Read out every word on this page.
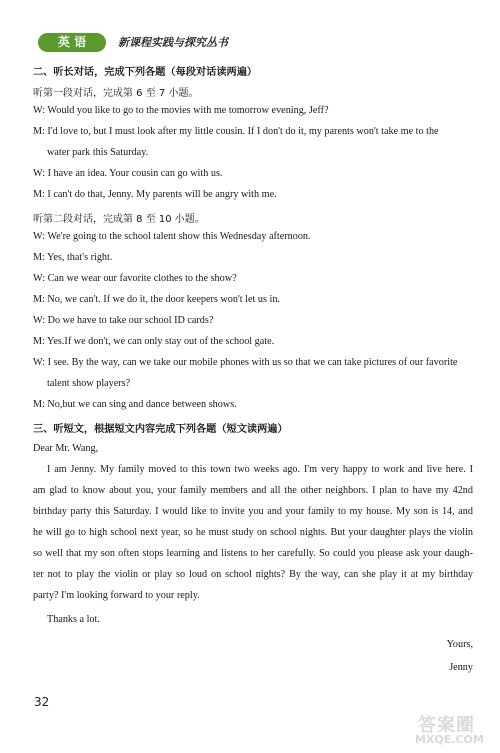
英 语	新课程实践与探究丛书
二、听长对话，完成下列各题（每段对话读两遍）
听第一段对话，完成第 6 至 7 小题。
W: Would you like to go to the movies with me tomorrow evening, Jeff?
M: I'd love to, but I must look after my little cousin. If I don't do it, my parents won't take me to the
water park this Saturday.
W: I have an idea. Your cousin can go with us.
M: I can't do that, Jenny. My parents will be angry with me.
听第二段对话，完成第 8 至 10 小题。
W: We're going to the school talent show this Wednesday afternoon.
M: Yes, that's right.
W: Can we wear our favorite clothes to the show?
M: No, we can't. If we do it, the door keepers won't let us in.
W: Do we have to take our school ID cards?
M: Yes.If we don't, we can only stay out of the school gate.
W: I see. By the way, can we take our mobile phones with us so that we can take pictures of our favorite
talent show players?
M: No,but we can sing and dance between shows.
三、听短文，根据短文内容完成下列各题（短文读两遍）
Dear Mr. Wang,
I am Jenny. My family moved to this town two weeks ago. I'm very happy to work and live here. I
am glad to know about you, your family members and all the other neighbors. I plan to have my 42nd
birthday party this Saturday. I would like to invite you and your family to my house. My son is 14, and
he will go to high school next year, so he must study on school nights. But your daughter plays the violin
so well that my son often stops learning and listens to her carefully. So could you please ask your daugh-
ter not to play the violin or play so loud on school nights? By the way, can she play it at my birthday
party? I'm looking forward to your reply.
Thanks a lot.
Yours,
Jenny
32
答案圈
MXQE.COM
